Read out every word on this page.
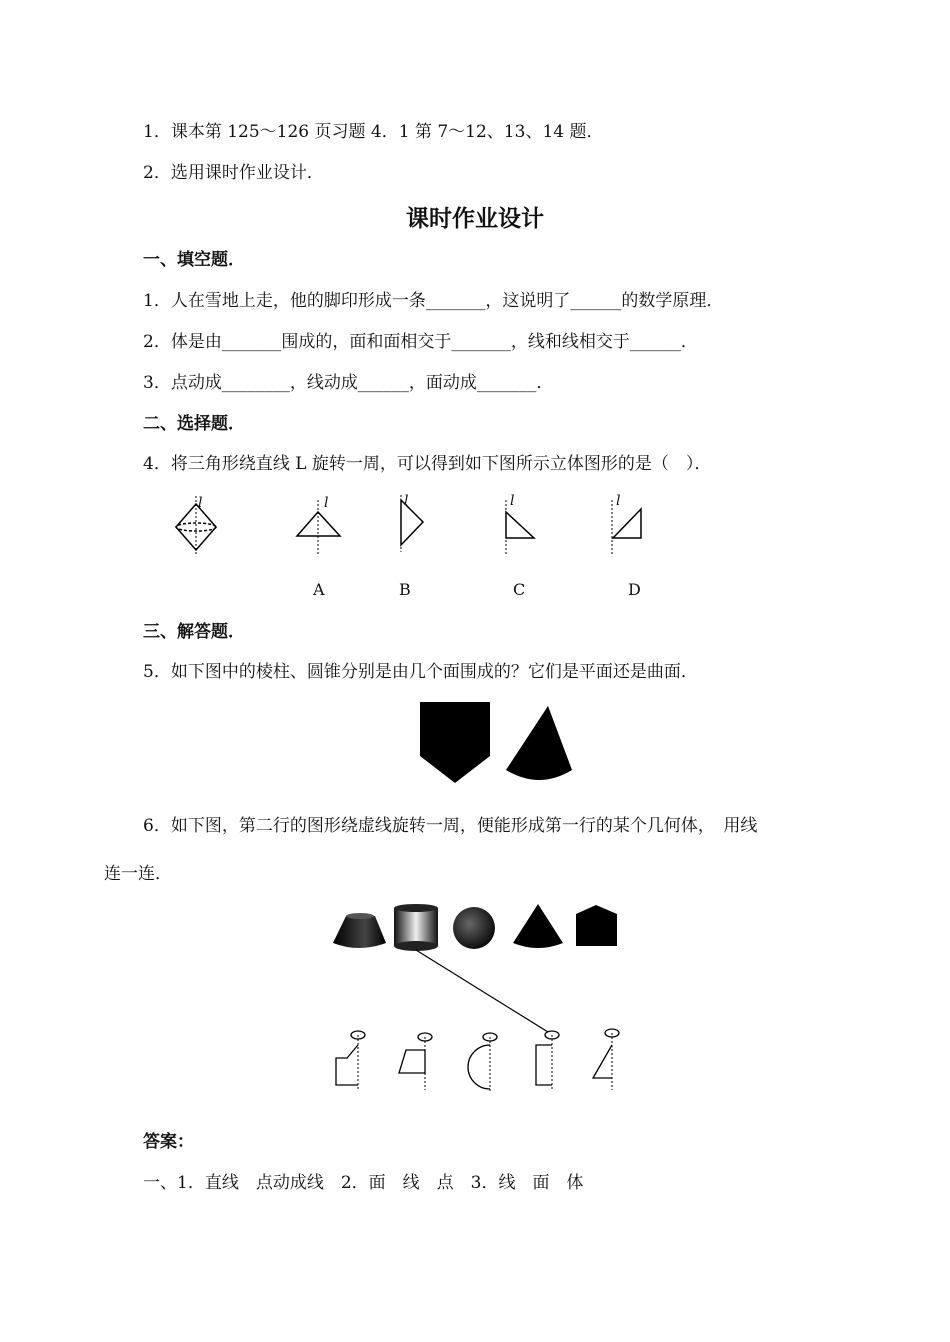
1．课本第 125～126 页习题 4．1 第 7～12、13、14 题．
2．选用课时作业设计．
课时作业设计
一、填空题．
1．人在雪地上走，他的脚印形成一条_______，这说明了______的数学原理．
2．体是由_______围成的，面和面相交于_______，线和线相交于______．
3．点动成________，线动成______，面动成_______．
二、选择题．
4．将三角形绕直线 L 旋转一周，可以得到如下图所示立体图形的是（　）．
l	l	l	l	l
A	B	C	D
三、解答题．
5．如下图中的棱柱、圆锥分别是由几个面围成的？它们是平面还是曲面．
6．如下图，第二行的图形绕虚线旋转一周，便能形成第一行的某个几何体，　用线
连一连．
答案：
一、1．直线　点动成线　2．面　线　点　3．线　面　体
